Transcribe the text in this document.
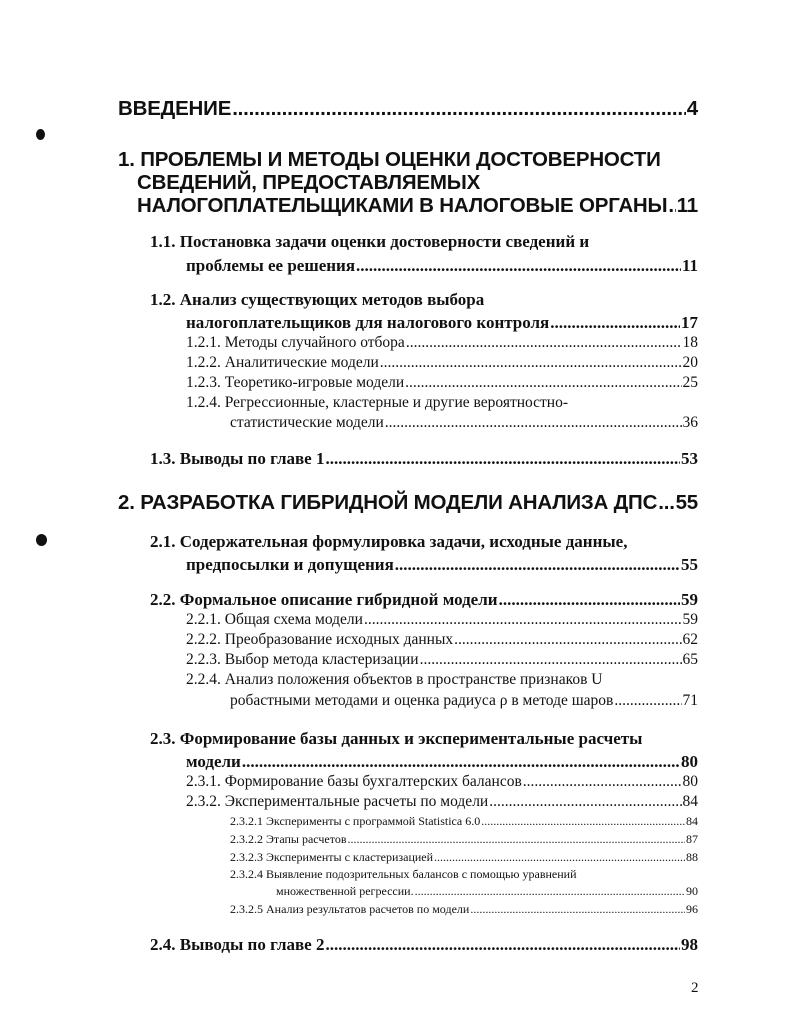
ВВЕДЕНИЕ .....	4
1. ПРОБЛЕМЫ И МЕТОДЫ ОЦЕНКИ ДОСТОВЕРНОСТИ
СВЕДЕНИЙ, ПРЕДОСТАВЛЯЕМЫХ
НАЛОГОПЛАТЕЛЬЩИКАМИ В НАЛОГОВЫЕ ОРГАНЫ ..... 11
1.1. Постановка задачи оценки достоверности сведений и
проблемы ее решения .....	11
1.2. Анализ существующих методов выбора
налогоплательщиков для налогового контроля .....	17
1.2.1. Методы случайного отбора .....	18
1.2.2. Аналитические модели .....	20
1.2.3. Теоретико-игровые модели .....	25
1.2.4. Регрессионные, кластерные и другие вероятностно-
статистические модели .....	36
1.3. Выводы по главе 1 .....	53
2. РАЗРАБОТКА ГИБРИДНОЙ МОДЕЛИ АНАЛИЗА ДПС ..... 55
2.1. Содержательная формулировка задачи, исходные данные,
предпосылки и допущения .....	55
2.2. Формальное описание гибридной модели .....	59
2.2.1. Общая схема модели .....	59
2.2.2. Преобразование исходных данных .....	62
2.2.3. Выбор метода кластеризации .....	65
2.2.4. Анализ положения объектов в пространстве признаков U
робастными методами и оценка радиуса ρ в методе шаров .....	71
2.3. Формирование базы данных и экспериментальные расчеты
модели .....	80
2.3.1. Формирование базы бухгалтерских балансов .....	80
2.3.2. Экспериментальные расчеты по модели .....	84
2.3.2.1 Эксперименты с программой Statistica 6.0 .....	84
2.3.2.2 Этапы расчетов .....	87
2.3.2.3 Эксперименты с кластеризацией .....	88
2.3.2.4 Выявление подозрительных балансов с помощью уравнений
множественной регрессии. .....	90
2.3.2.5 Анализ результатов расчетов по модели .....	96
2.4. Выводы по главе 2 .....	98
2
